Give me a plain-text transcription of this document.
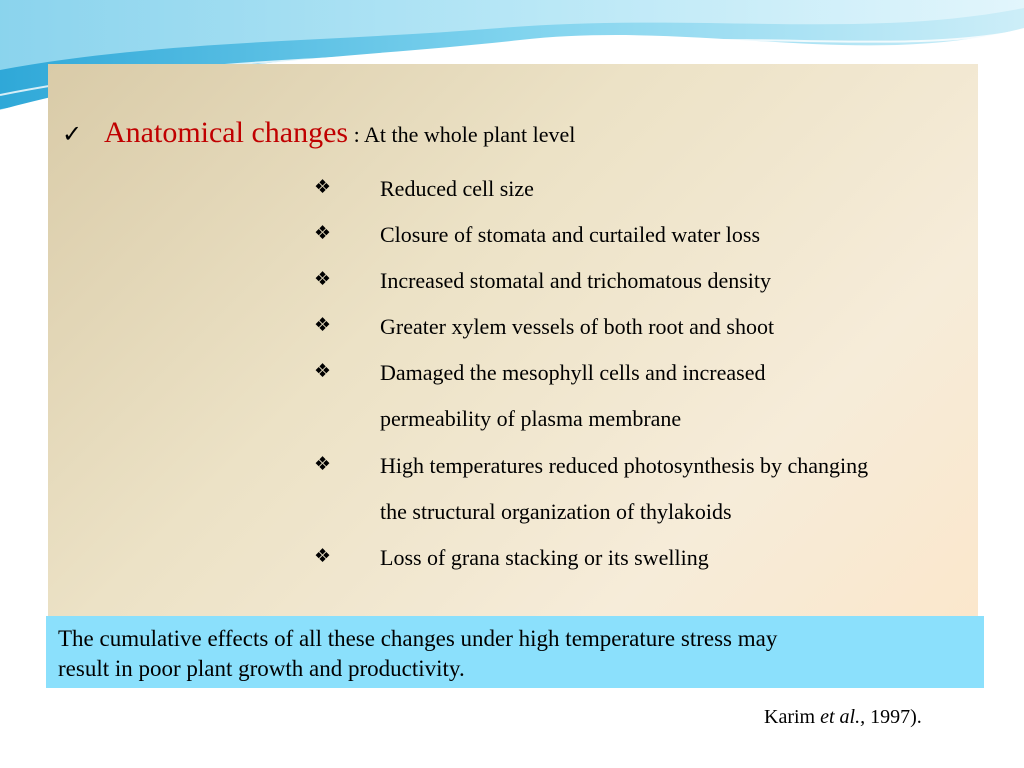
✓ Anatomical changes : At the whole plant level
❖ Reduced cell size
❖ Closure of stomata and curtailed water loss
❖ Increased stomatal and trichomatous density
❖ Greater xylem vessels of both root and shoot
❖ Damaged the mesophyll cells and increased
permeability of plasma membrane
❖ High temperatures reduced photosynthesis by changing
the structural organization of thylakoids
❖ Loss of grana stacking or its swelling
The cumulative effects of all these changes under high temperature stress may
result in poor plant growth and productivity.
Karim et al., 1997).
